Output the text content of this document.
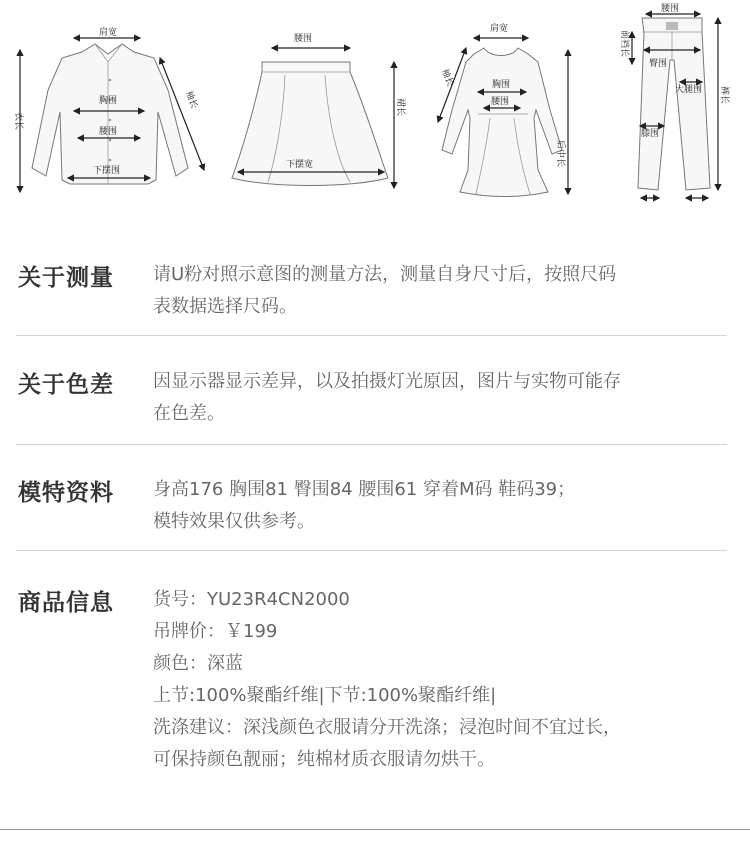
肩宽
胸围
腰围
下摆围
衣长
袖长
腰围
下摆宽
裙长
肩宽
袖长	胸围
腰围
后中长
腰围
前裆长
臀围
大腿围
膝围
裤长
关于测量 请U粉对照示意图的测量方法，测量自身尺寸后，按照尺码

表数据选择尺码。

关于色差 因显示器显示差异，以及拍摄灯光原因，图片与实物可能存

在色差。

模特资料 身高176 胸围81 臀围84 腰围61 穿着M码 鞋码39；

模特效果仅供参考。

商品信息 货号：YU23R4CN2000

吊牌价：￥199

颜色：深蓝

上节:100%聚酯纤维|下节:100%聚酯纤维|

洗涤建议：深浅颜色衣服请分开洗涤；浸泡时间不宜过长，

可保持颜色靓丽；纯棉材质衣服请勿烘干。
